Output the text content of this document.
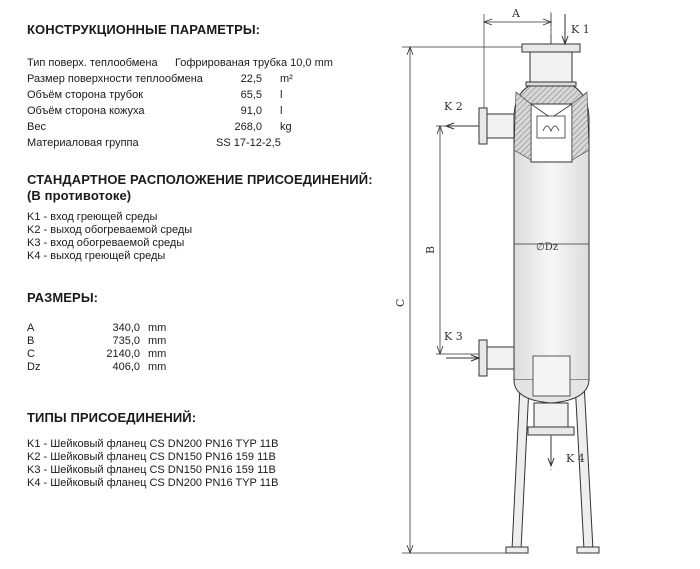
КОНСТРУКЦИОННЫЕ ПАРАМЕТРЫ:
Тип поверх. теплообмена Гофрированая трубка 10,0 mm
Размер поверхности теплообмена	22,5 m²
Объём сторона трубок	65,5 l
Объём сторона кожуха	91,0 l
Вес	268,0 kg
Материаловая группа	SS 17-12-2,5
СТАНДАРТНОЕ РАСПОЛОЖЕНИЕ ПРИСОЕДИНЕНИЙ:
(В противотоке)
K1 - вход греющей среды
K2 - выход обогреваемой среды
K3 - вход обогреваемой среды
K4 - выход греющей среды
РАЗМЕРЫ:
A	340,0 mm
B	735,0 mm
C	2140,0 mm
Dz	406,0 mm
ТИПЫ ПРИСОЕДИНЕНИЙ:
K1 - Шейковый фланец CS DN200 PN16 TYP 11B
K2 - Шейковый фланец CS DN150 PN16 159 11B
K3 - Шейковый фланец CS DN150 PN16 159 11B
K4 - Шейковый фланец CS DN200 PN16 TYP 11B
A
K 1
K 2
K 3
K 4
∅Dz
B
C
